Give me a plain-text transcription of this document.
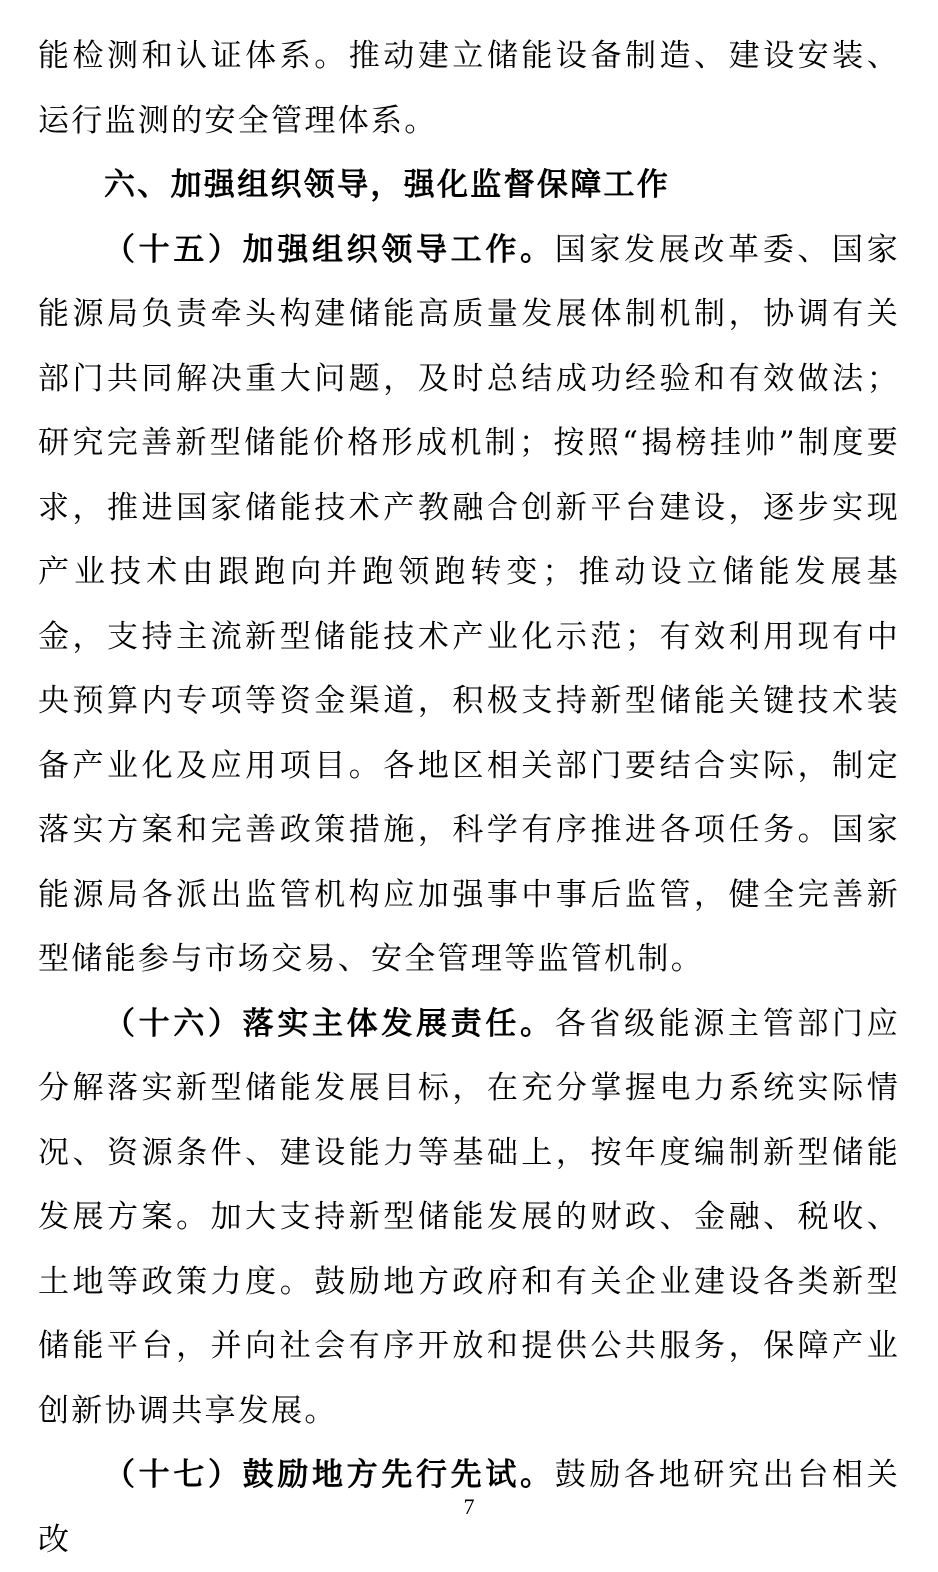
能检测和认证体系。推动建立储能设备制造、建设安装、运行监测的安全管理体系。

六、加强组织领导，强化监督保障工作

（十五）加强组织领导工作。国家发展改革委、国家能源局负责牵头构建储能高质量发展体制机制，协调有关部门共同解决重大问题，及时总结成功经验和有效做法；研究完善新型储能价格形成机制；按照“揭榜挂帅”制度要求，推进国家储能技术产教融合创新平台建设，逐步实现产业技术由跟跑向并跑领跑转变；推动设立储能发展基金，支持主流新型储能技术产业化示范；有效利用现有中央预算内专项等资金渠道，积极支持新型储能关键技术装备产业化及应用项目。各地区相关部门要结合实际，制定落实方案和完善政策措施，科学有序推进各项任务。国家能源局各派出监管机构应加强事中事后监管，健全完善新型储能参与市场交易、安全管理等监管机制。

（十六）落实主体发展责任。各省级能源主管部门应分解落实新型储能发展目标，在充分掌握电力系统实际情况、资源条件、建设能力等基础上，按年度编制新型储能发展方案。加大支持新型储能发展的财政、金融、税收、土地等政策力度。鼓励地方政府和有关企业建设各类新型储能平台，并向社会有序开放和提供公共服务，保障产业创新协调共享发展。

（十七）鼓励地方先行先试。鼓励各地研究出台相关改

7
